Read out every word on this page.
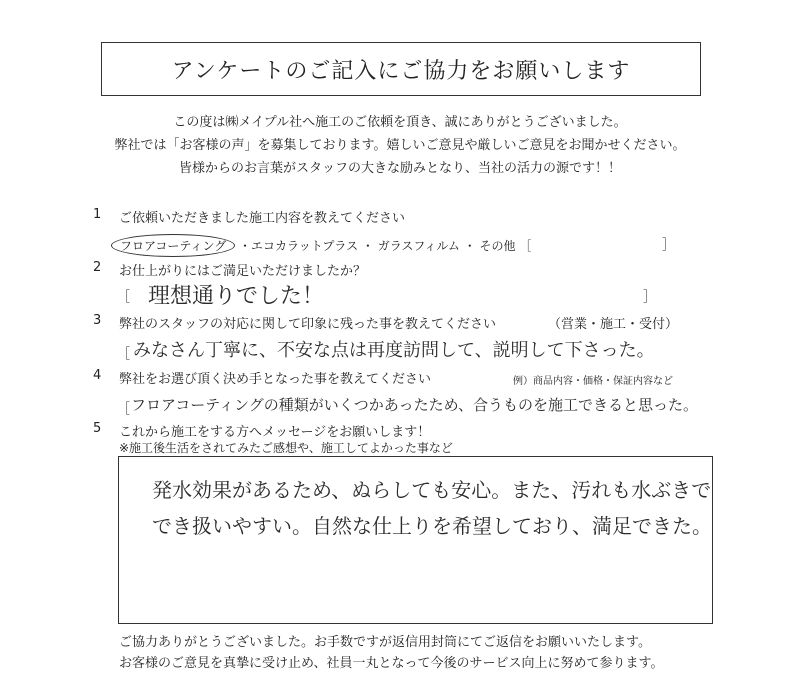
アンケートのご記入にご協力をお願いします
この度は㈱メイプル社へ施工のご依頼を頂き、誠にありがとうございました。
弊社では「お客様の声」を募集しております。嬉しいご意見や厳しいご意見をお聞かせください。
皆様からのお言葉がスタッフの大きな励みとなり、当社の活力の源です！！
1 ご依頼いただきました施工内容を教えてください
フロアコーティング ・エコカラットプラス ・ ガラスフィルム ・ その他 ［	］
2 お仕上がりにはご満足いただけましたか？
［ 理想通りでした！	］
3 弊社のスタッフの対応に関して印象に残った事を教えてください	（営業・施工・受付）
［ みなさん丁寧に、不安な点は再度訪問して、説明して下さった。
4 弊社をお選び頂く決め手となった事を教えてください	例）商品内容・価格・保証内容など
［ フロアコーティングの種類がいくつかあったため、合うものを施工できると思った。
5 これから施工をする方へメッセージをお願いします！
※施工後生活をされてみたご感想や、施工してよかった事など
発水効果があるため、ぬらしても安心。また、汚れも水ぶきで
でき扱いやすい。自然な仕上りを希望しており、満足できた。
ご協力ありがとうございました。お手数ですが返信用封筒にてご返信をお願いいたします。
お客様のご意見を真摯に受け止め、社員一丸となって今後のサービス向上に努めて参ります。
